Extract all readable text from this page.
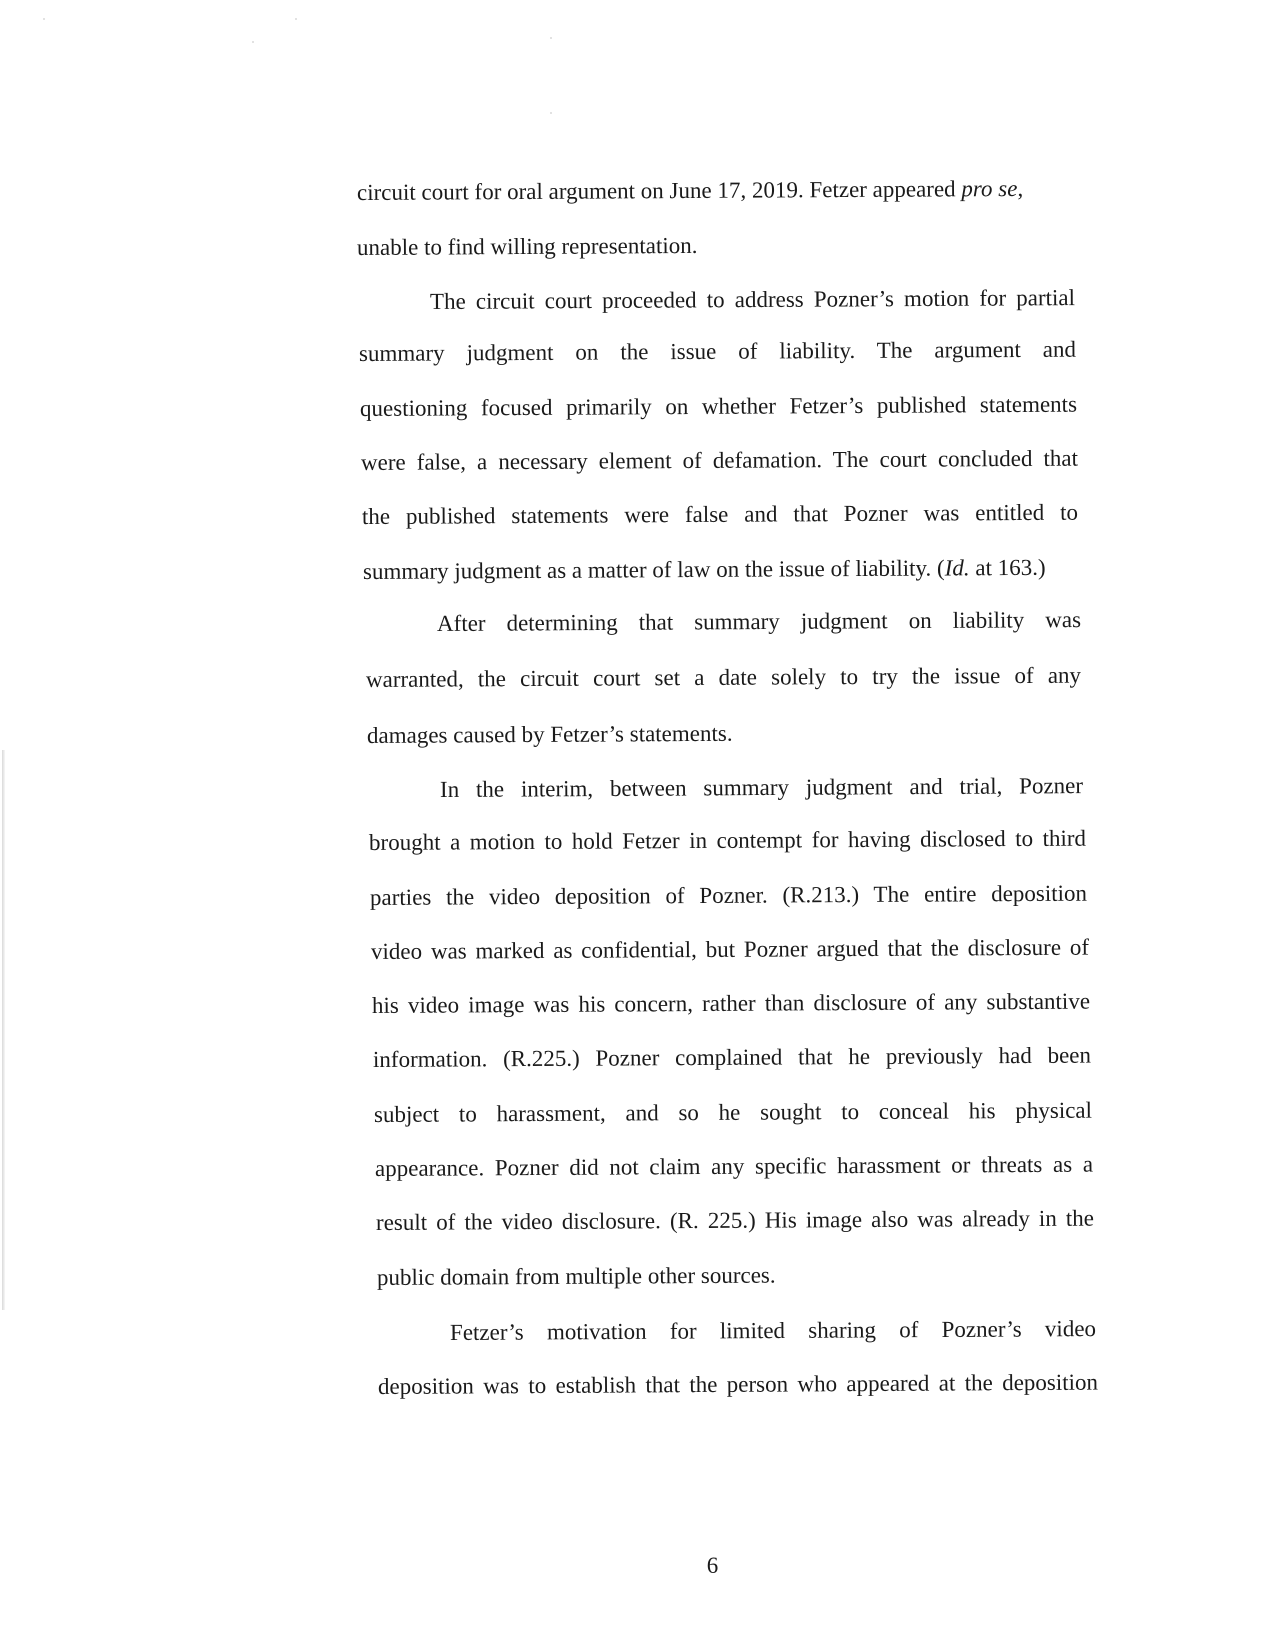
circuit court for oral argument on June 17, 2019. Fetzer appeared pro se,
unable to find willing representation.
The circuit court proceeded to address Pozner’s motion for partial
summary judgment on the issue of liability. The argument and
questioning focused primarily on whether Fetzer’s published statements
were false, a necessary element of defamation. The court concluded that
the published statements were false and that Pozner was entitled to
summary judgment as a matter of law on the issue of liability. (Id. at 163.)
After determining that summary judgment on liability was
warranted, the circuit court set a date solely to try the issue of any
damages caused by Fetzer’s statements.
In the interim, between summary judgment and trial, Pozner
brought a motion to hold Fetzer in contempt for having disclosed to third
parties the video deposition of Pozner. (R.213.) The entire deposition
video was marked as confidential, but Pozner argued that the disclosure of
his video image was his concern, rather than disclosure of any substantive
information. (R.225.) Pozner complained that he previously had been
subject to harassment, and so he sought to conceal his physical
appearance. Pozner did not claim any specific harassment or threats as a
result of the video disclosure. (R. 225.) His image also was already in the
public domain from multiple other sources.
Fetzer’s motivation for limited sharing of Pozner’s video
deposition was to establish that the person who appeared at the deposition
6
